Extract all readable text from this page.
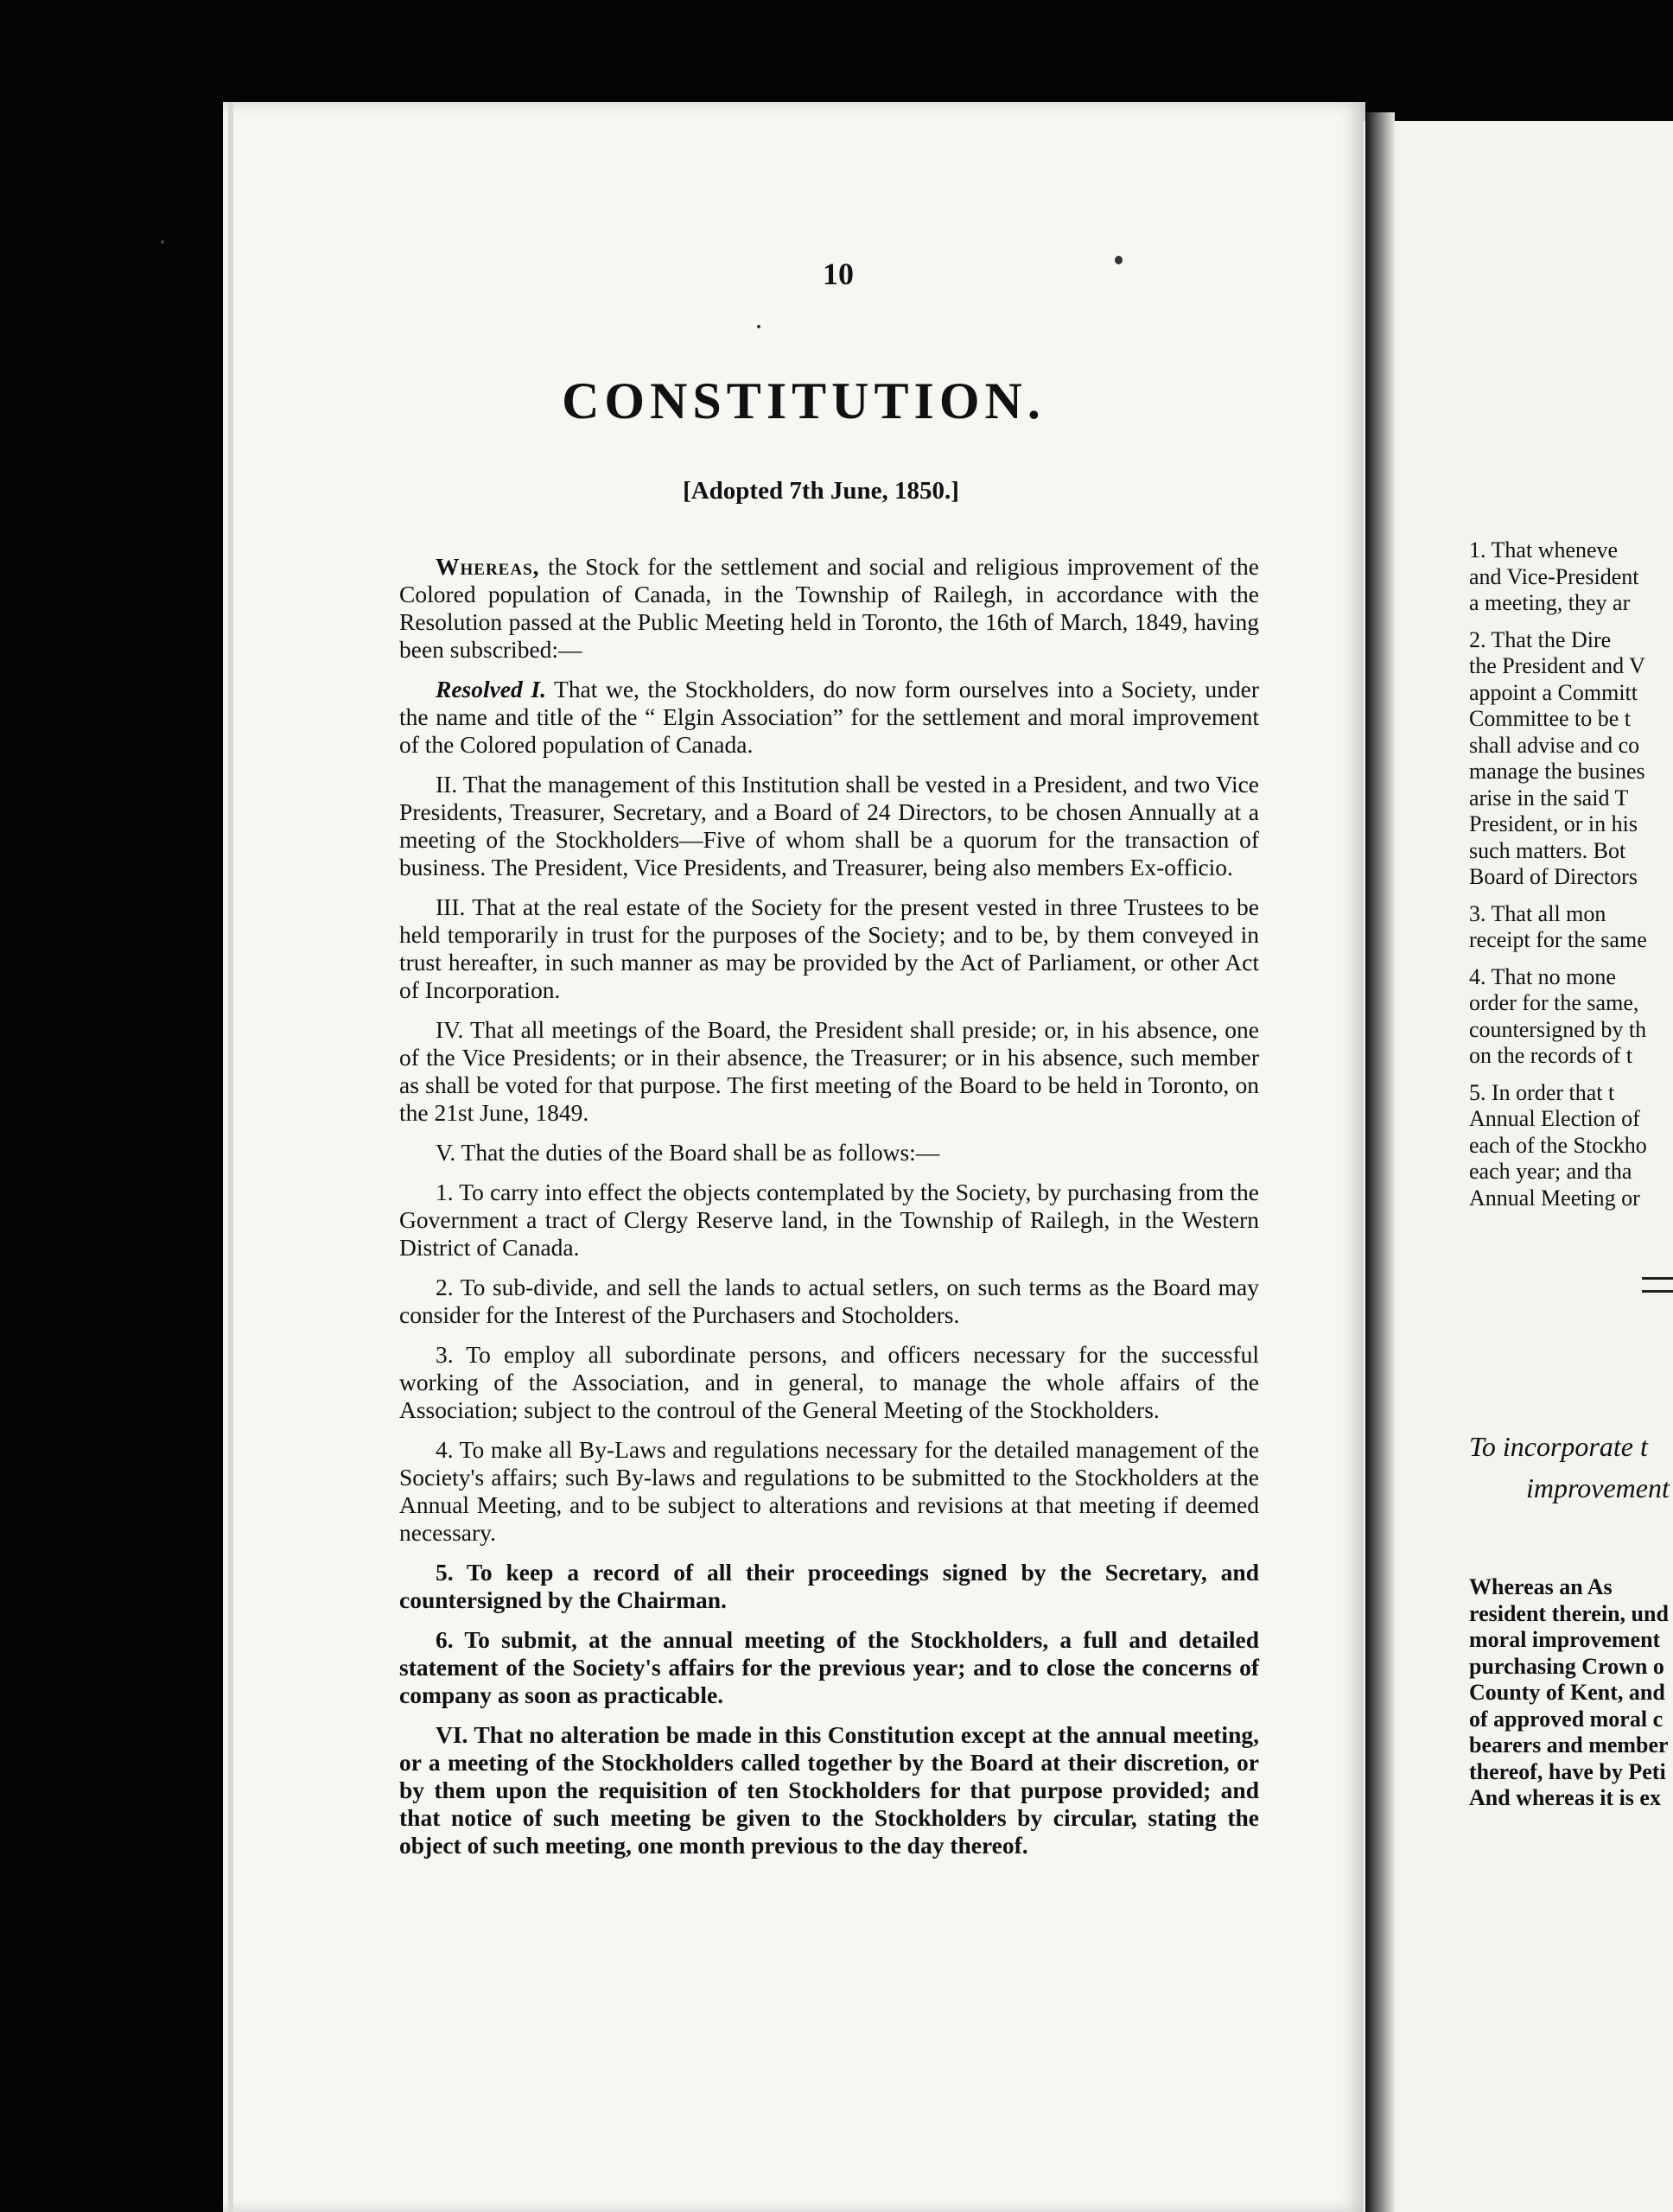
10
CONSTITUTION.
[Adopted 7th June, 1850.]

Whereas, the Stock for the settlement and social and religious improvement of the Colored population of Canada, in the Township of Railegh, in accordance with the Resolution passed at the Public Meeting held in Toronto, the 16th of March, 1849, having been subscribed:—

Resolved I. That we, the Stockholders, do now form ourselves into a Society, under the name and title of the “ Elgin Association” for the settlement and moral improvement of the Colored population of Canada.

II. That the management of this Institution shall be vested in a President, and two Vice Presidents, Treasurer, Secretary, and a Board of 24 Directors, to be chosen Annually at a meeting of the Stockholders—Five of whom shall be a quorum for the transaction of business. The President, Vice Presidents, and Treasurer, being also members Ex-officio.

III. That at the real estate of the Society for the present vested in three Trustees to be held temporarily in trust for the purposes of the Society; and to be, by them conveyed in trust hereafter, in such manner as may be provided by the Act of Parliament, or other Act of Incorporation.

IV. That all meetings of the Board, the President shall preside; or, in his absence, one of the Vice Presidents; or in their absence, the Treasurer; or in his absence, such member as shall be voted for that purpose. The first meeting of the Board to be held in Toronto, on the 21st June, 1849.

V. That the duties of the Board shall be as follows:—

1. To carry into effect the objects contemplated by the Society, by purchasing from the Government a tract of Clergy Reserve land, in the Township of Railegh, in the Western District of Canada.

2. To sub-divide, and sell the lands to actual setlers, on such terms as the Board may consider for the Interest of the Purchasers and Stocholders.

3. To employ all subordinate persons, and officers necessary for the successful working of the Association, and in general, to manage the whole affairs of the Association; subject to the controul of the General Meeting of the Stockholders.

4. To make all By-Laws and regulations necessary for the detailed management of the Society's affairs; such By-laws and regulations to be submitted to the Stockholders at the Annual Meeting, and to be subject to alterations and revisions at that meeting if deemed necessary.

5. To keep a record of all their proceedings signed by the Secretary, and countersigned by the Chairman.

6. To submit, at the annual meeting of the Stockholders, a full and detailed statement of the Society's affairs for the previous year; and to close the concerns of company as soon as practicable.

VI. That no alteration be made in this Constitution except at the annual meeting, or a meeting of the Stockholders called together by the Board at their discretion, or by them upon the requisition of ten Stockholders for that purpose provided; and that notice of such meeting be given to the Stockholders by circular, stating the object of such meeting, one month previous to the day thereof.

1. That wheneve
and Vice-President
a meeting, they ar
2. That the Dire
the President and V
appoint a Committ
Committee to be t
shall advise and co
manage the busines
arise in the said T
President, or in his
such matters. Bot
Board of Directors
3. That all mon
receipt for the same
4. That no mone
order for the same,
countersigned by th
on the records of t
5. In order that t
Annual Election of
each of the Stockho
each year; and tha
Annual Meeting or
To incorporate t
improvement
Whereas an As
resident therein, und
moral improvement
purchasing Crown o
County of Kent, and
of approved moral c
bearers and member
thereof, have by Peti
And whereas it is ex
